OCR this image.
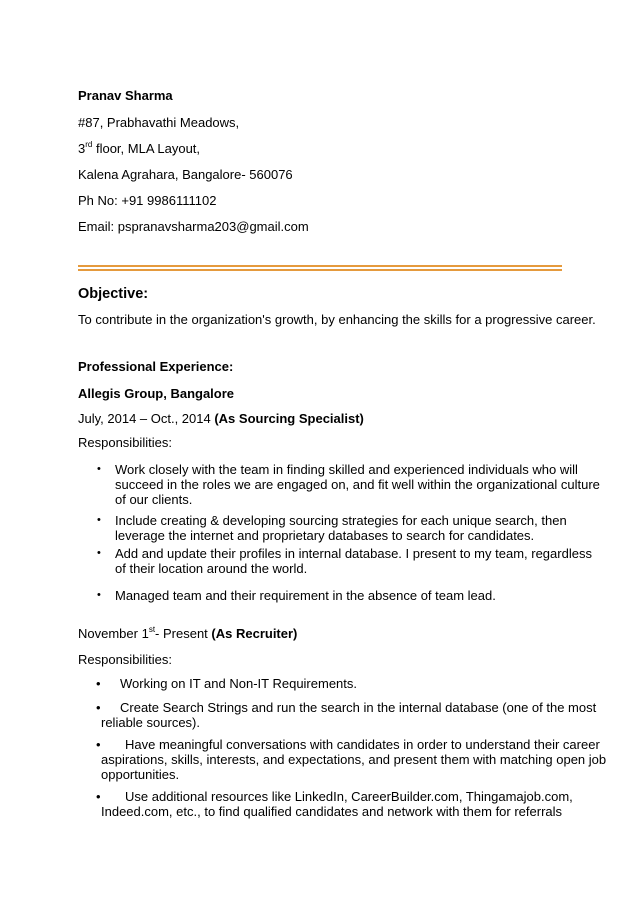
Pranav Sharma
#87, Prabhavathi Meadows,
3rd floor, MLA Layout,
Kalena Agrahara, Bangalore- 560076
Ph No: +91 9986111102
Email: pspranavsharma203@gmail.com
Objective:
To contribute in the organization's growth, by enhancing the skills for a progressive career.
Professional Experience:
Allegis Group, Bangalore
July, 2014 – Oct., 2014 (As Sourcing Specialist)
Responsibilities:
• Work closely with the team in finding skilled and experienced individuals who will
succeed in the roles we are engaged on, and fit well within the organizational culture
of our clients.
• Include creating & developing sourcing strategies for each unique search, then
leverage the internet and proprietary databases to search for candidates.
• Add and update their profiles in internal database. I present to my team, regardless
of their location around the world.
• Managed team and their requirement in the absence of team lead.
November 1st- Present (As Recruiter)
Responsibilities:
• Working on IT and Non-IT Requirements.
• Create Search Strings and run the search in the internal database (one of the most
reliable sources).
• Have meaningful conversations with candidates in order to understand their career
aspirations, skills, interests, and expectations, and present them with matching open job
opportunities.
• Use additional resources like LinkedIn, CareerBuilder.com, Thingamajob.com,
Indeed.com, etc., to find qualified candidates and network with them for referrals
